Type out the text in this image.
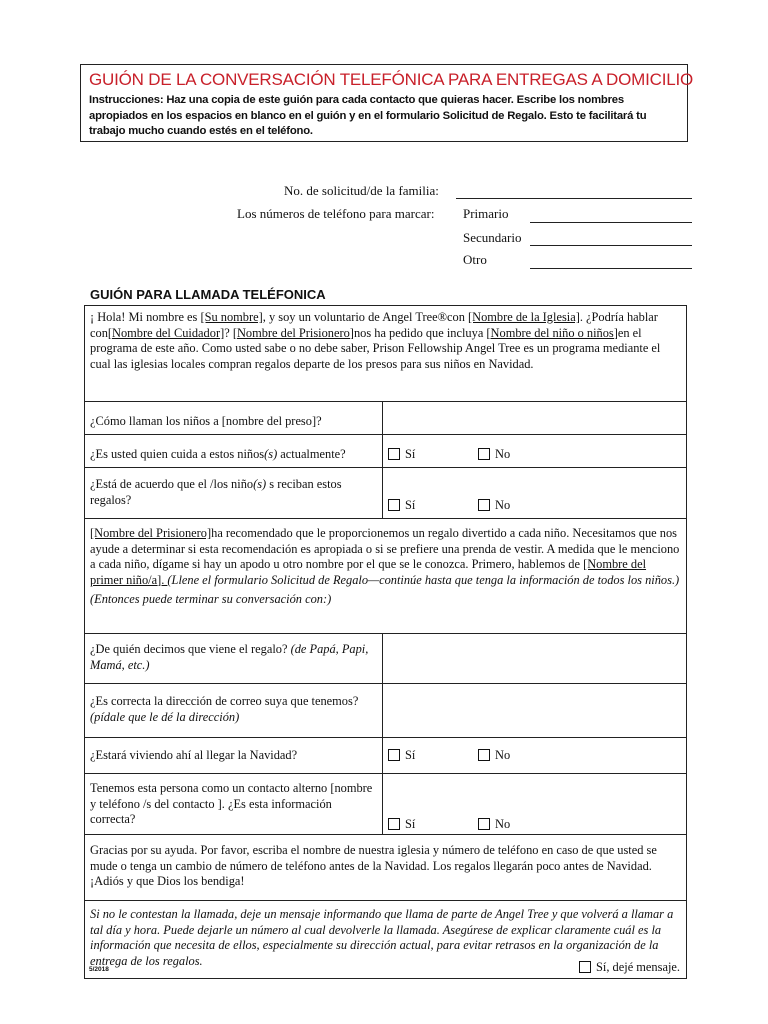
GUIÓN DE LA CONVERSACIÓN TELEFÓNICA PARA ENTREGAS A DOMICILIO
Instrucciones: Haz una copia de este guión para cada contacto que quieras hacer. Escribe los nombres apropiados en los espacios en blanco en el guión y en el formulario Solicitud de Regalo. Esto te facilitará tu trabajo mucho cuando estés en el teléfono.
No. de solicitud/de la familia:
Los números de teléfono para marcar: Primario
Secundario
Otro
GUIÓN PARA LLAMADA TELÉFONICA
¡ Hola! Mi nombre es [Su nombre], y soy un voluntario de Angel Tree®con [Nombre de la Iglesia]. ¿Podría hablar con[Nombre del Cuidador]? [Nombre del Prisionero]nos ha pedido que incluya [Nombre del niño o niños]en el programa de este año. Como usted sabe o no debe saber, Prison Fellowship Angel Tree es un programa mediante el cual las iglesias locales compran regalos departe de los presos para sus niños en Navidad.	
¿Cómo llaman los niños a [nombre del preso]?	
¿Es usted quien cuida a estos niños(s) actualmente?	Sí No
¿Está de acuerdo que el /los niño(s) s reciban estos regalos?	Sí No
[Nombre del Prisionero]ha recomendado que le proporcionemos un regalo divertido a cada niño. Necesitamos que nos ayude a determinar si esta recomendación es apropiada o si se prefiere una prenda de vestir. A medida que le menciono a cada niño, dígame si hay un apodo u otro nombre por el que se le conozca. Primero, hablemos de [Nombre del primer niño/a]. (Llene el formulario Solicitud de Regalo—continúe hasta que tenga la información de todos los niños.)
(Entonces puede terminar su conversación con:)	

¿De quién decimos que viene el regalo? (de Papá, Papi, Mamá, etc.)	
¿Es correcta la dirección de correo suya que tenemos? (pídale que le dé la dirección)	
¿Estará viviendo ahí al llegar la Navidad?	Sí No
Tenemos esta persona como un contacto alterno [nombre y teléfono /s del contacto ]. ¿Es esta información correcta?	Sí No
Gracias por su ayuda. Por favor, escriba el nombre de nuestra iglesia y número de teléfono en caso de que usted se mude o tenga un cambio de número de teléfono antes de la Navidad. Los regalos llegarán poco antes de Navidad. ¡Adiós y que Dios los bendiga!	
Si no le contestan la llamada, deje un mensaje informando que llama de parte de Angel Tree y que volverá a llamar a tal día y hora. Puede dejarle un número al cual devolverle la llamada. Asegúrese de explicar claramente cuál es la información que necesita de ellos, especialmente su dirección actual, para evitar retrasos en la organización de la entrega de los regalos. Sí, dejé mensaje.	
5/2018
